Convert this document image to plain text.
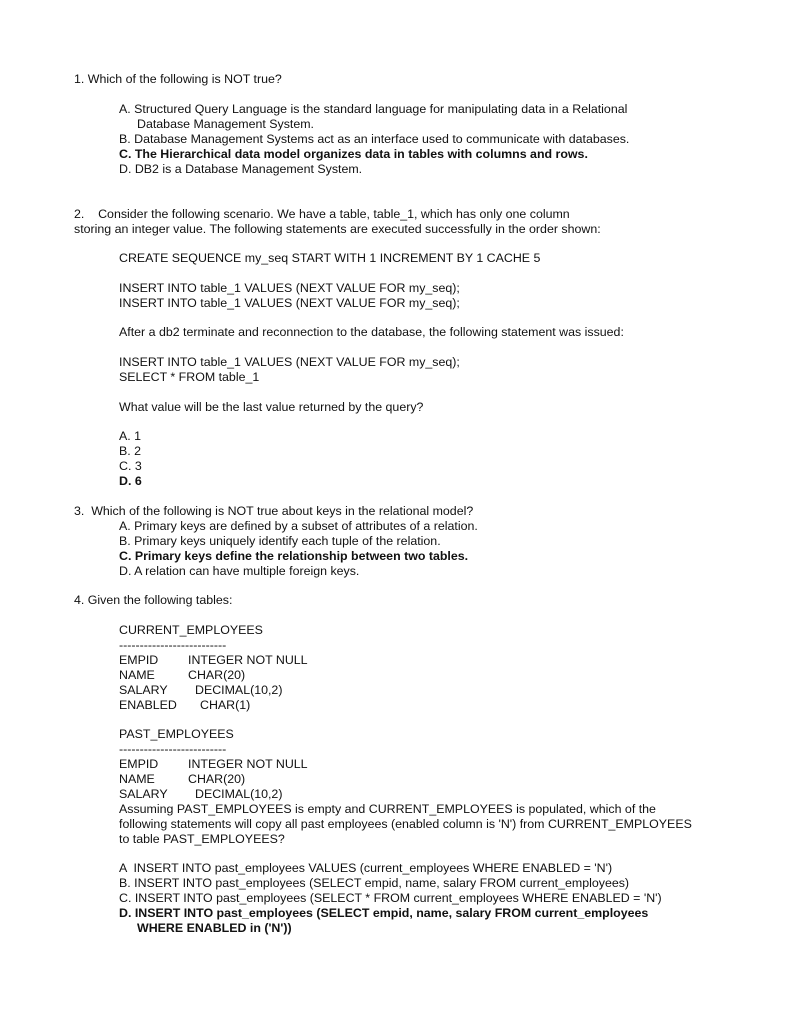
1. Which of the following is NOT true?
A. Structured Query Language is the standard language for manipulating data in a Relational
Database Management System.
B. Database Management Systems act as an interface used to communicate with databases.
C. The Hierarchical data model organizes data in tables with columns and rows.
D. DB2 is a Database Management System.
2.    Consider the following scenario. We have a table, table_1, which has only one column
storing an integer value. The following statements are executed successfully in the order shown:
CREATE SEQUENCE my_seq START WITH 1 INCREMENT BY 1 CACHE 5
INSERT INTO table_1 VALUES (NEXT VALUE FOR my_seq);
INSERT INTO table_1 VALUES (NEXT VALUE FOR my_seq);
After a db2 terminate and reconnection to the database, the following statement was issued:
INSERT INTO table_1 VALUES (NEXT VALUE FOR my_seq);
SELECT * FROM table_1
What value will be the last value returned by the query?
A. 1
B. 2
C. 3
D. 6
3.  Which of the following is NOT true about keys in the relational model?
A. Primary keys are defined by a subset of attributes of a relation.
B. Primary keys uniquely identify each tuple of the relation.
C. Primary keys define the relationship between two tables.
D. A relation can have multiple foreign keys.
4. Given the following tables:
CURRENT_EMPLOYEES
--------------------------
EMPID INTEGER NOT NULL
NAME	CHAR(20)
SALARY DECIMAL(10,2)
ENABLED CHAR(1)
PAST_EMPLOYEES
--------------------------
EMPID INTEGER NOT NULL
NAME	CHAR(20)
SALARY DECIMAL(10,2)
Assuming PAST_EMPLOYEES is empty and CURRENT_EMPLOYEES is populated, which of the
following statements will copy all past employees (enabled column is 'N') from CURRENT_EMPLOYEES
to table PAST_EMPLOYEES?
A  INSERT INTO past_employees VALUES (current_employees WHERE ENABLED = 'N')
B. INSERT INTO past_employees (SELECT empid, name, salary FROM current_employees)
C. INSERT INTO past_employees (SELECT * FROM current_employees WHERE ENABLED = 'N')
D. INSERT INTO past_employees (SELECT empid, name, salary FROM current_employees
WHERE ENABLED in ('N'))
